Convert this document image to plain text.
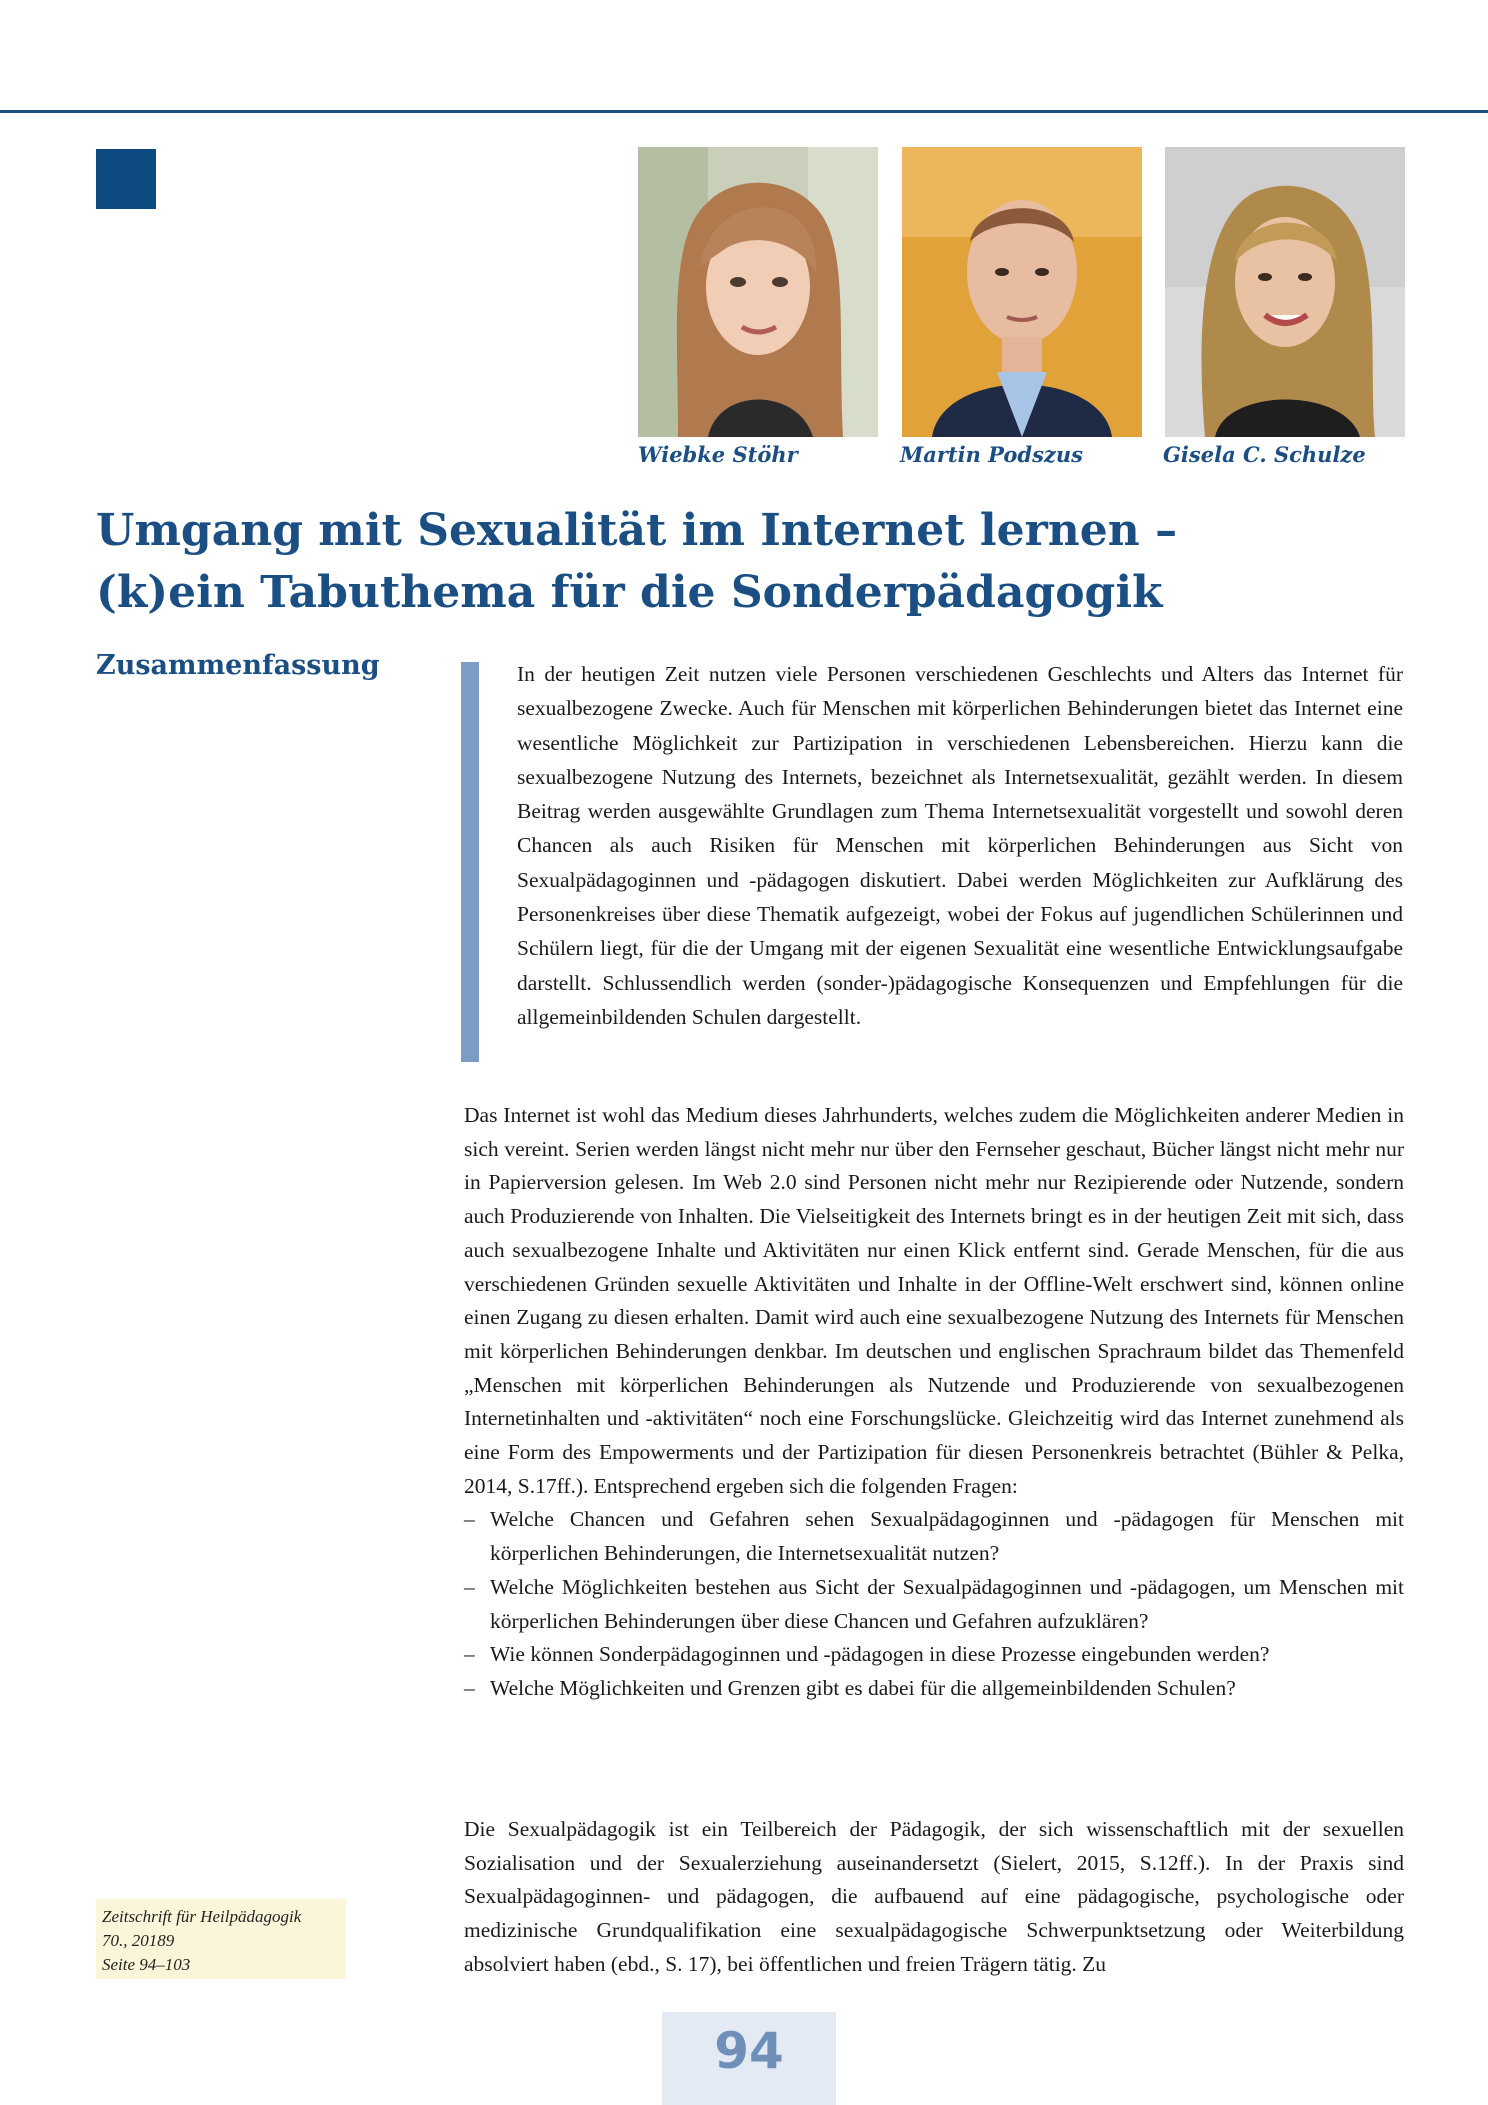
Wiebke Stöhr	Martin Podszus	Gisela C. Schulze
Umgang mit Sexualität im Internet lernen –
(k)ein Tabuthema für die Sonderpädagogik
Zusammenfassung	In der heutigen Zeit nutzen viele Personen verschiedenen Geschlechts und Alters das Internet für sexualbezogene Zwecke. Auch für Menschen mit körperlichen Behinderungen bietet das Internet eine wesentliche Möglichkeit zur Partizipation in verschiedenen Lebensbereichen. Hierzu kann die sexualbezogene Nutzung des Internets, bezeichnet als Internetsexualität, gezählt werden. In diesem Beitrag werden ausgewählte Grundlagen zum Thema Internetsexualität vorgestellt und sowohl deren Chancen als auch Risiken für Menschen mit körperlichen Behinderungen aus Sicht von Sexualpädagoginnen und -pädagogen diskutiert. Dabei werden Möglichkeiten zur Aufklärung des Personenkreises über diese Thematik aufgezeigt, wobei der Fokus auf jugendlichen Schülerinnen und Schülern liegt, für die der Umgang mit der eigenen Sexualität eine wesentliche Entwicklungsaufgabe darstellt. Schlussendlich werden (sonder-)pädagogische Konsequenzen und Empfehlungen für die allgemeinbildenden Schulen dargestellt.

Das Internet ist wohl das Medium dieses Jahrhunderts, welches zudem die Möglichkeiten anderer Medien in sich vereint. Serien werden längst nicht mehr nur über den Fernseher geschaut, Bücher längst nicht mehr nur in Papierversion gelesen. Im Web 2.0 sind Personen nicht mehr nur Rezipierende oder Nutzende, sondern auch Produzierende von Inhalten. Die Vielseitigkeit des Internets bringt es in der heutigen Zeit mit sich, dass auch sexualbezogene Inhalte und Aktivitäten nur einen Klick entfernt sind. Gerade Menschen, für die aus verschiedenen Gründen sexuelle Aktivitäten und Inhalte in der Offline-Welt erschwert sind, können online einen Zugang zu diesen erhalten. Damit wird auch eine sexualbezogene Nutzung des Internets für Menschen mit körperlichen Behinderungen denkbar. Im deutschen und englischen Sprachraum bildet das Themenfeld „Menschen mit körperlichen Behinderungen als Nutzende und Produzierende von sexualbezogenen Internetinhalten und -aktivitäten“ noch eine Forschungslücke. Gleichzeitig wird das Internet zunehmend als eine Form des Empowerments und der Partizipation für diesen Personenkreis betrachtet (Bühler & Pelka, 2014, S.17ff.). Entsprechend ergeben sich die folgenden Fragen:

– Welche Chancen und Gefahren sehen Sexualpädagoginnen und -pädagogen für Menschen mit körperlichen Behinderungen, die Internetsexualität nutzen?
– Welche Möglichkeiten bestehen aus Sicht der Sexualpädagoginnen und -pädagogen, um Menschen mit körperlichen Behinderungen über diese Chancen und Gefahren aufzuklären?
– Wie können Sonderpädagoginnen und -pädagogen in diese Prozesse eingebunden werden?
– Welche Möglichkeiten und Grenzen gibt es dabei für die allgemeinbildenden Schulen?

Die Sexualpädagogik ist ein Teilbereich der Pädagogik, der sich wissenschaftlich mit der sexuellen Sozialisation und der Sexualerziehung auseinandersetzt (Sielert, 2015, S.12ff.). In der Praxis sind Sexualpädagoginnen- und pädagogen, die aufbauend auf eine pädagogische, psychologische oder medizinische Grundqualifikation eine sexualpädagogische Schwerpunktsetzung oder Weiterbildung absolviert haben (ebd., S. 17), bei öffentlichen und freien Trägern tätig. Zu

Zeitschrift für Heilpädagogik
70., 20189
Seite 94–103
94
